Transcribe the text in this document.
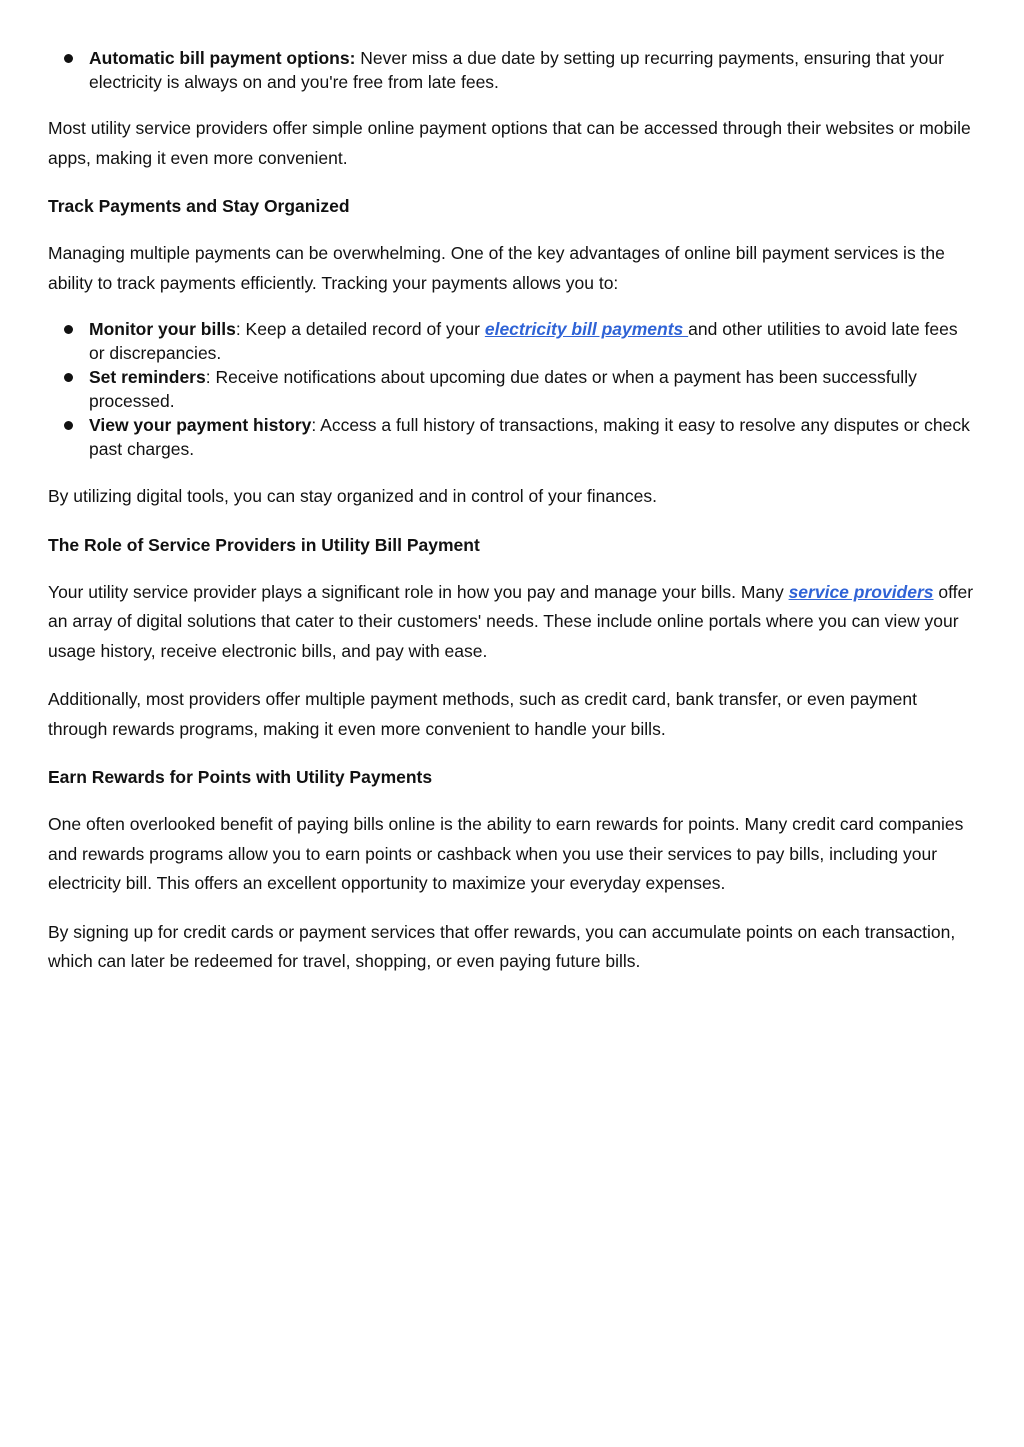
Automatic bill payment options: Never miss a due date by setting up recurring payments, ensuring that your electricity is always on and you're free from late fees.

Most utility service providers offer simple online payment options that can be accessed through their websites or mobile apps, making it even more convenient.

Track Payments and Stay Organized

Managing multiple payments can be overwhelming. One of the key advantages of online bill payment services is the ability to track payments efficiently. Tracking your payments allows you to:

Monitor your bills: Keep a detailed record of your electricity bill payments and other utilities to avoid late fees or discrepancies.
Set reminders: Receive notifications about upcoming due dates or when a payment has been successfully processed.
View your payment history: Access a full history of transactions, making it easy to resolve any disputes or check past charges.

By utilizing digital tools, you can stay organized and in control of your finances.

The Role of Service Providers in Utility Bill Payment

Your utility service provider plays a significant role in how you pay and manage your bills. Many service providers offer an array of digital solutions that cater to their customers' needs. These include online portals where you can view your usage history, receive electronic bills, and pay with ease.

Additionally, most providers offer multiple payment methods, such as credit card, bank transfer, or even payment through rewards programs, making it even more convenient to handle your bills.

Earn Rewards for Points with Utility Payments

One often overlooked benefit of paying bills online is the ability to earn rewards for points. Many credit card companies and rewards programs allow you to earn points or cashback when you use their services to pay bills, including your electricity bill. This offers an excellent opportunity to maximize your everyday expenses.

By signing up for credit cards or payment services that offer rewards, you can accumulate points on each transaction, which can later be redeemed for travel, shopping, or even paying future bills.
